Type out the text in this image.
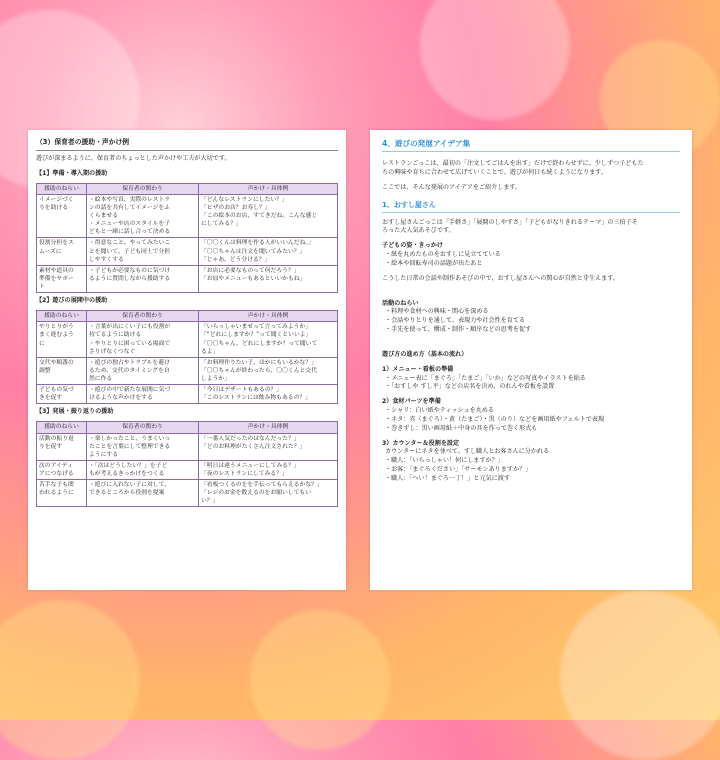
（3）保育者の援助・声かけ例
遊びが深まるように、保育者のちょっとした声かけや工夫が大切です。
【1】準備・導入期の援助
援助のねらい	保育者の関わり	声かけ・具体例

イメージづく
りを助ける	・絵本や写真、実際のレストラ
ンの話を共有してイメージをふ
くらませる
・メニューや店のスタイルを子
どもと一緒に話し合って決める	「どんなレストランにしたい？」
「ピザのお店？お寿し？」
「この絵本のお店、すてきだね。こんな感じ
にしてみる？」

役割分担をス
ムーズに	・得意なこと、やってみたいこ
とを聞いて、子ども同士で分担
しやすくする	「〇〇くんは料理を作る人がいいんだね。」
「〇〇ちゃんは注文を聞いてみたい？」
「じゃあ、どう分ける？」

素材や道具の
準備をサポー
ト	・子どもが必要なものに気づけ
るように質問しながら援助する	「お店に必要なものって何だろう？」
「お皿やメニューもあるといいかもね」
【2】遊びの展開中の援助
援助のねらい	保育者の関わり	声かけ・具体例

やりとりがう
まく進むよう
に	・言葉が出にくい子にも役割が
持てるように助ける
・やりとりに困っている場面で
さりげなくつなぐ	「いらっしゃいませって言ってみようか」
「“どれにしますか？”って聞くといいよ」
「〇〇ちゃん、どれにしますか？って聞いて
るよ」

交代や順番の
調整	・遊びの独占やトラブルを避け
るため、交代のタイミングを自
然に作る	「お料理作りたい子、ほかにもいるかな？」
「〇〇ちゃんが終わったら、〇〇くんと交代
しようか」

子どもの気づ
きを促す	・遊びの中で新たな展開に気づ
けるような声かけをする	「今日はデザートもあるの？」
「このレストランには飲み物もあるの？」
【3】発展・振り返りの援助
援助のねらい	保育者の関わり	声かけ・具体例

活動の振り返
りを促す	・楽しかったこと、うまくいっ
たことを言葉にして整理できる
ようにする	「一番人気だったのはなんだった？」
「どのお料理がたくさん注文された？」

次のアイディ
アにつなげる	・「次はどうしたい？」を子ど
もが考えるきっかけをつくる	「明日は違うメニューにしてみる？」
「夜のレストランにしてみる？」

苦手な子も関
われるように	・遊びに入れない子に対して、
できるところから役割を提案	「看板つくるのをを手伝ってもらえるかな？」
「レジのお金を数えるのをお願いしてもい
い？」
4、遊びの発展アイデア集
レストランごっこは、最初の「注文してごはんを出す」だけで終わらせずに、少しずつ子どもた
ちの興味や育ちに合わせて広げていくことで、遊びが何日も続くようになります。
ここでは、そんな発展のアイデアをご紹介します。
1、おすし屋さん
おすし屋さんごっこは「手軽さ」「展開のしやすさ」「子どもがなりきれるテーマ」の三拍子そ
ろった大人気あそびです。
子どもの姿・きっかけ
・紙を丸めたものをおすしに見立てている
・絵本や回転寿司の話題が出たあと
こうした日常の会話や制作あそびの中で、おすし屋さんへの関心が自然と芽生えます。
活動のねらい
・料理や食材への興味・関心を深める
・会話やりとりを通して、表現力や社会性を育てる
・手先を使って、構成・制作・順序などの思考を促す
遊び方の進め方（基本の流れ）
1）メニュー・看板の準備
・メニュー表に「まぐろ」「たまご」「いか」などの写真やイラストを貼る
・「おすしや すし平」などの店名を決め、のれんや看板を設置
2）食材パーツを準備
・シャリ：白い紙やティッシュを丸める
・ネタ：赤（まぐろ）・黄（たまご）・黒（のり）などを画用紙やフェルトで表現
・巻きずし：黒い画用紙＋中身の具を作って巻く形式も
3）カウンター＆役割を設定
カウンターにネタを並べて、すし職人とお客さんに分かれる
・職人：「いらっしゃい！何にしますか？」
・お客：「まぐろください」「サーモンありますか？」
・職人：「へい！まぐろ一丁！」と元気に渡す
